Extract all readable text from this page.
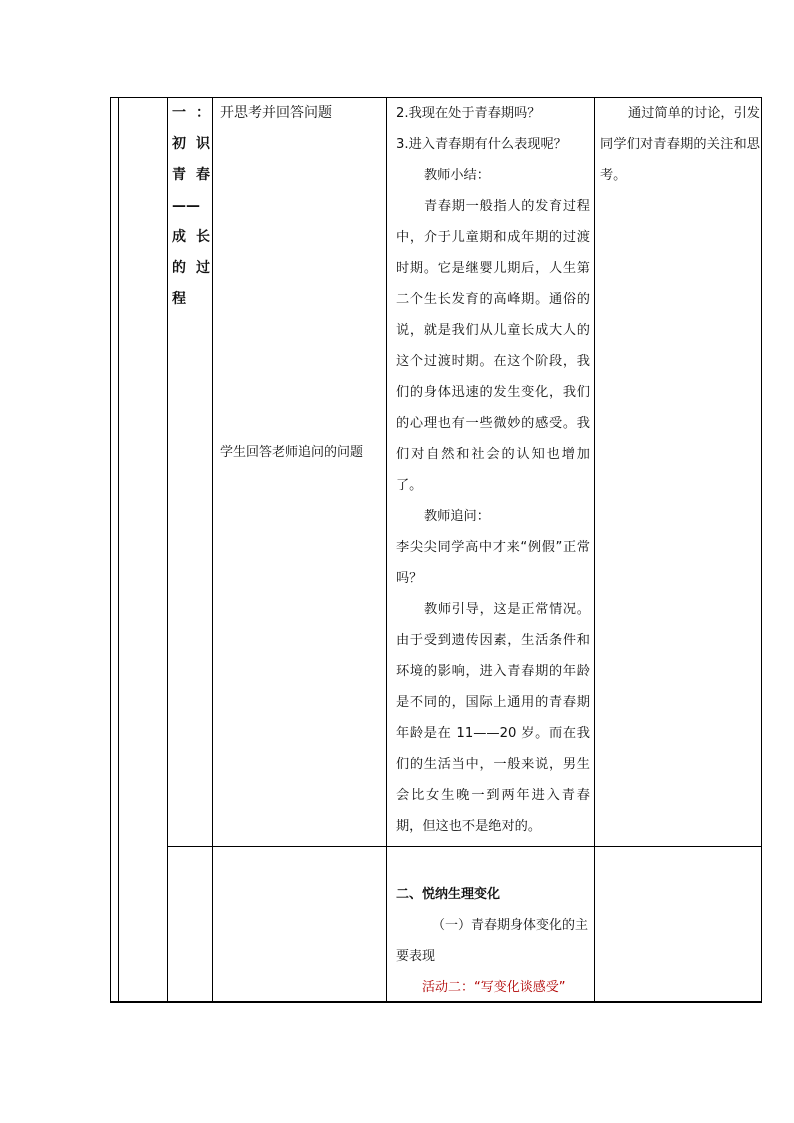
一：
初识
青春
——
成长
的过
程
开思考并回答问题
学生回答老师追问的问题

2.我现在处于青春期吗？

3.进入青春期有什么表现呢？

教师小结：

青春期一般指人的发育过程中，介于儿童期和成年期的过渡时期。它是继婴儿期后，人生第二个生长发育的高峰期。通俗的说，就是我们从儿童长成大人的这个过渡时期。在这个阶段，我们的身体迅速的发生变化，我们的心理也有一些微妙的感受。我们对自然和社会的认知也增加了。

教师追问：

李尖尖同学高中才来“例假”正常吗？

教师引导，这是正常情况。由于受到遗传因素，生活条件和环境的影响，进入青春期的年龄是不同的，国际上通用的青春期年龄是在 11——20 岁。而在我们的生活当中，一般来说，男生会比女生晚一到两年进入青春期，但这也不是绝对的。

通过简单的讨论，引发同学们对青春期的关注和思考。
二、悦纳生理变化
（一）青春期身体变化的主要表现
活动二：“写变化谈感受”
